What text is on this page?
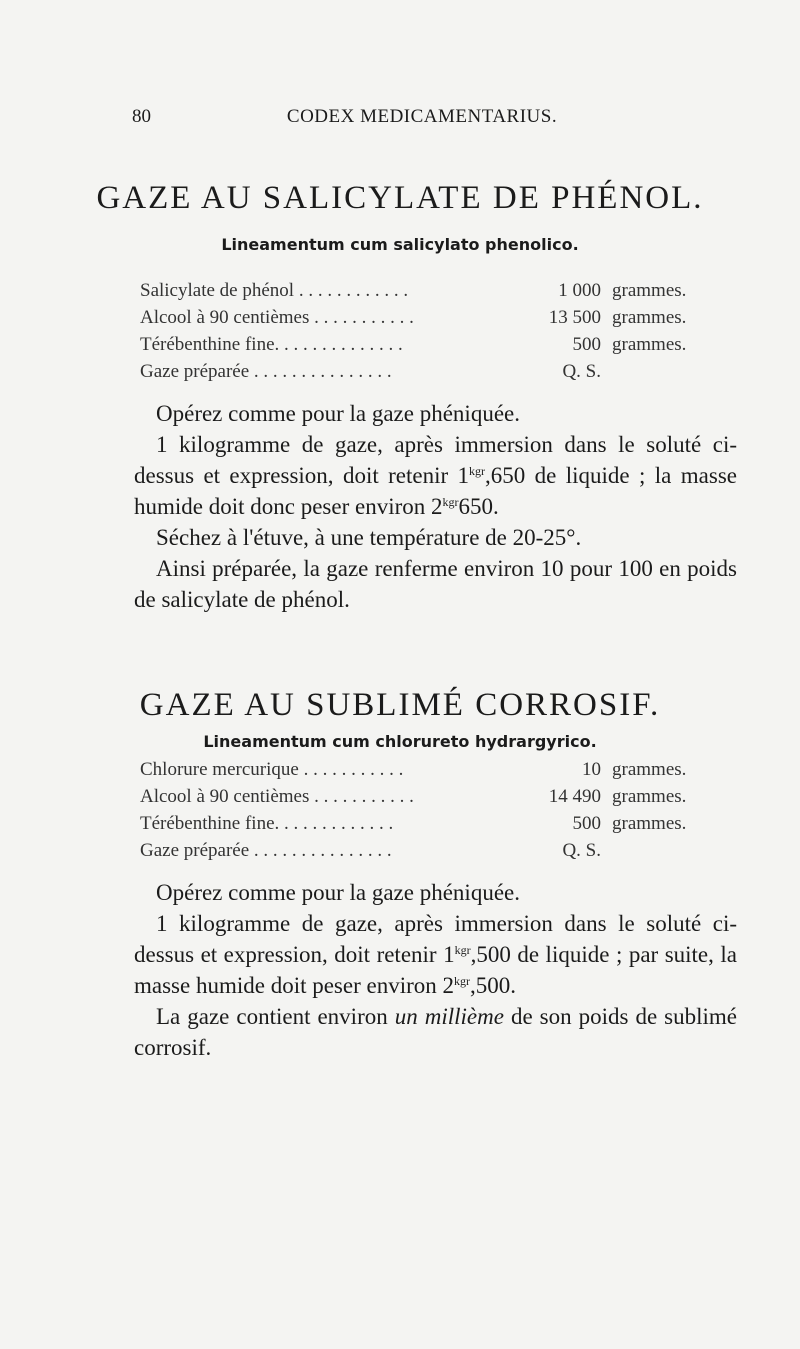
80	CODEX MEDICAMENTARIUS.
GAZE AU SALICYLATE DE PHÉNOL.
Lineamentum cum salicylato phenolico.
Salicylate de phénol . . . . . . . . . . . .	1 000 grammes.
Alcool à 90 centièmes . . . . . . . . . . .	13 500 grammes.
Térébenthine fine. . . . . . . . . . . . . .	500 grammes.
Gaze préparée . . . . . . . . . . . . . . .	Q. S.

Opérez comme pour la gaze phéniquée.

1 kilogramme de gaze, après immersion dans le soluté ci-dessus et expression, doit retenir $1^{kgr},650$ de liquide ; la masse humide doit donc peser environ $2^{kgr}650$.

Séchez à l'étuve, à une température de 20-25°.

Ainsi préparée, la gaze renferme environ 10 pour 100 en poids de salicylate de phénol.

GAZE AU SUBLIMÉ CORROSIF.
Lineamentum cum chlorureto hydrargyrico.
Chlorure mercurique . . . . . . . . . . .	10 grammes.
Alcool à 90 centièmes . . . . . . . . . . .	14 490 grammes.
Térébenthine fine. . . . . . . . . . . . .	500 grammes.
Gaze préparée . . . . . . . . . . . . . . .	Q. S.

Opérez comme pour la gaze phéniquée.

1 kilogramme de gaze, après immersion dans le soluté ci-dessus et expression, doit retenir $1^{kgr},500$ de liquide ; par suite, la masse humide doit peser environ $2^{kgr},500$.

La gaze contient environ un millième de son poids de sublimé corrosif.
